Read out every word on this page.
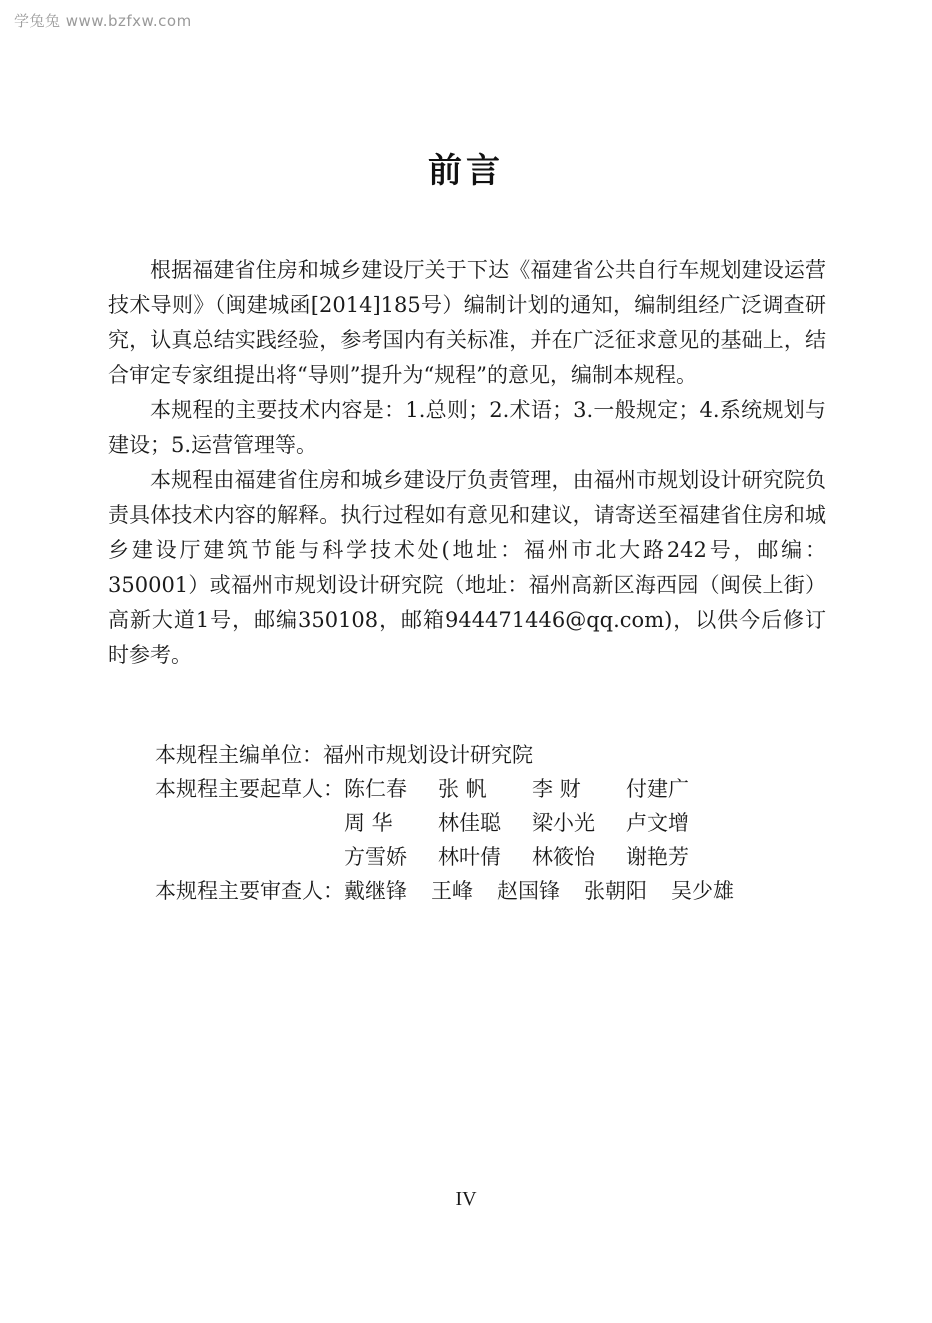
学兔兔 www.bzfxw.com
前言

根据福建省住房和城乡建设厅关于下达《福建省公共自行车规划建设运营技术导则》（闽建城函[2014]185号）编制计划的通知，编制组经广泛调查研究，认真总结实践经验，参考国内有关标准，并在广泛征求意见的基础上，结合审定专家组提出将“导则”提升为“规程”的意见，编制本规程。

本规程的主要技术内容是：1.总则；2.术语；3.一般规定；4.系统规划与建设；5.运营管理等。

本规程由福建省住房和城乡建设厅负责管理，由福州市规划设计研究院负责具体技术内容的解释。执行过程如有意见和建议，请寄送至福建省住房和城乡建设厅建筑节能与科学技术处(地址：福州市北大路242号，邮编：350001）或福州市规划设计研究院（地址：福州高新区海西园（闽侯上街）高新大道1号，邮编350108，邮箱944471446@qq.com)，以供今后修订时参考。

本规程主编单位： 福州市规划设计研究院
本规程主要起草人： 陈仁春	张 帆	李 财	付建广
周 华	林佳聪	梁小光	卢文增
方雪娇	林叶倩	林筱怡	谢艳芳
本规程主要审查人： 戴继锋 王峰 赵国锋 张朝阳 吴少雄
IV
